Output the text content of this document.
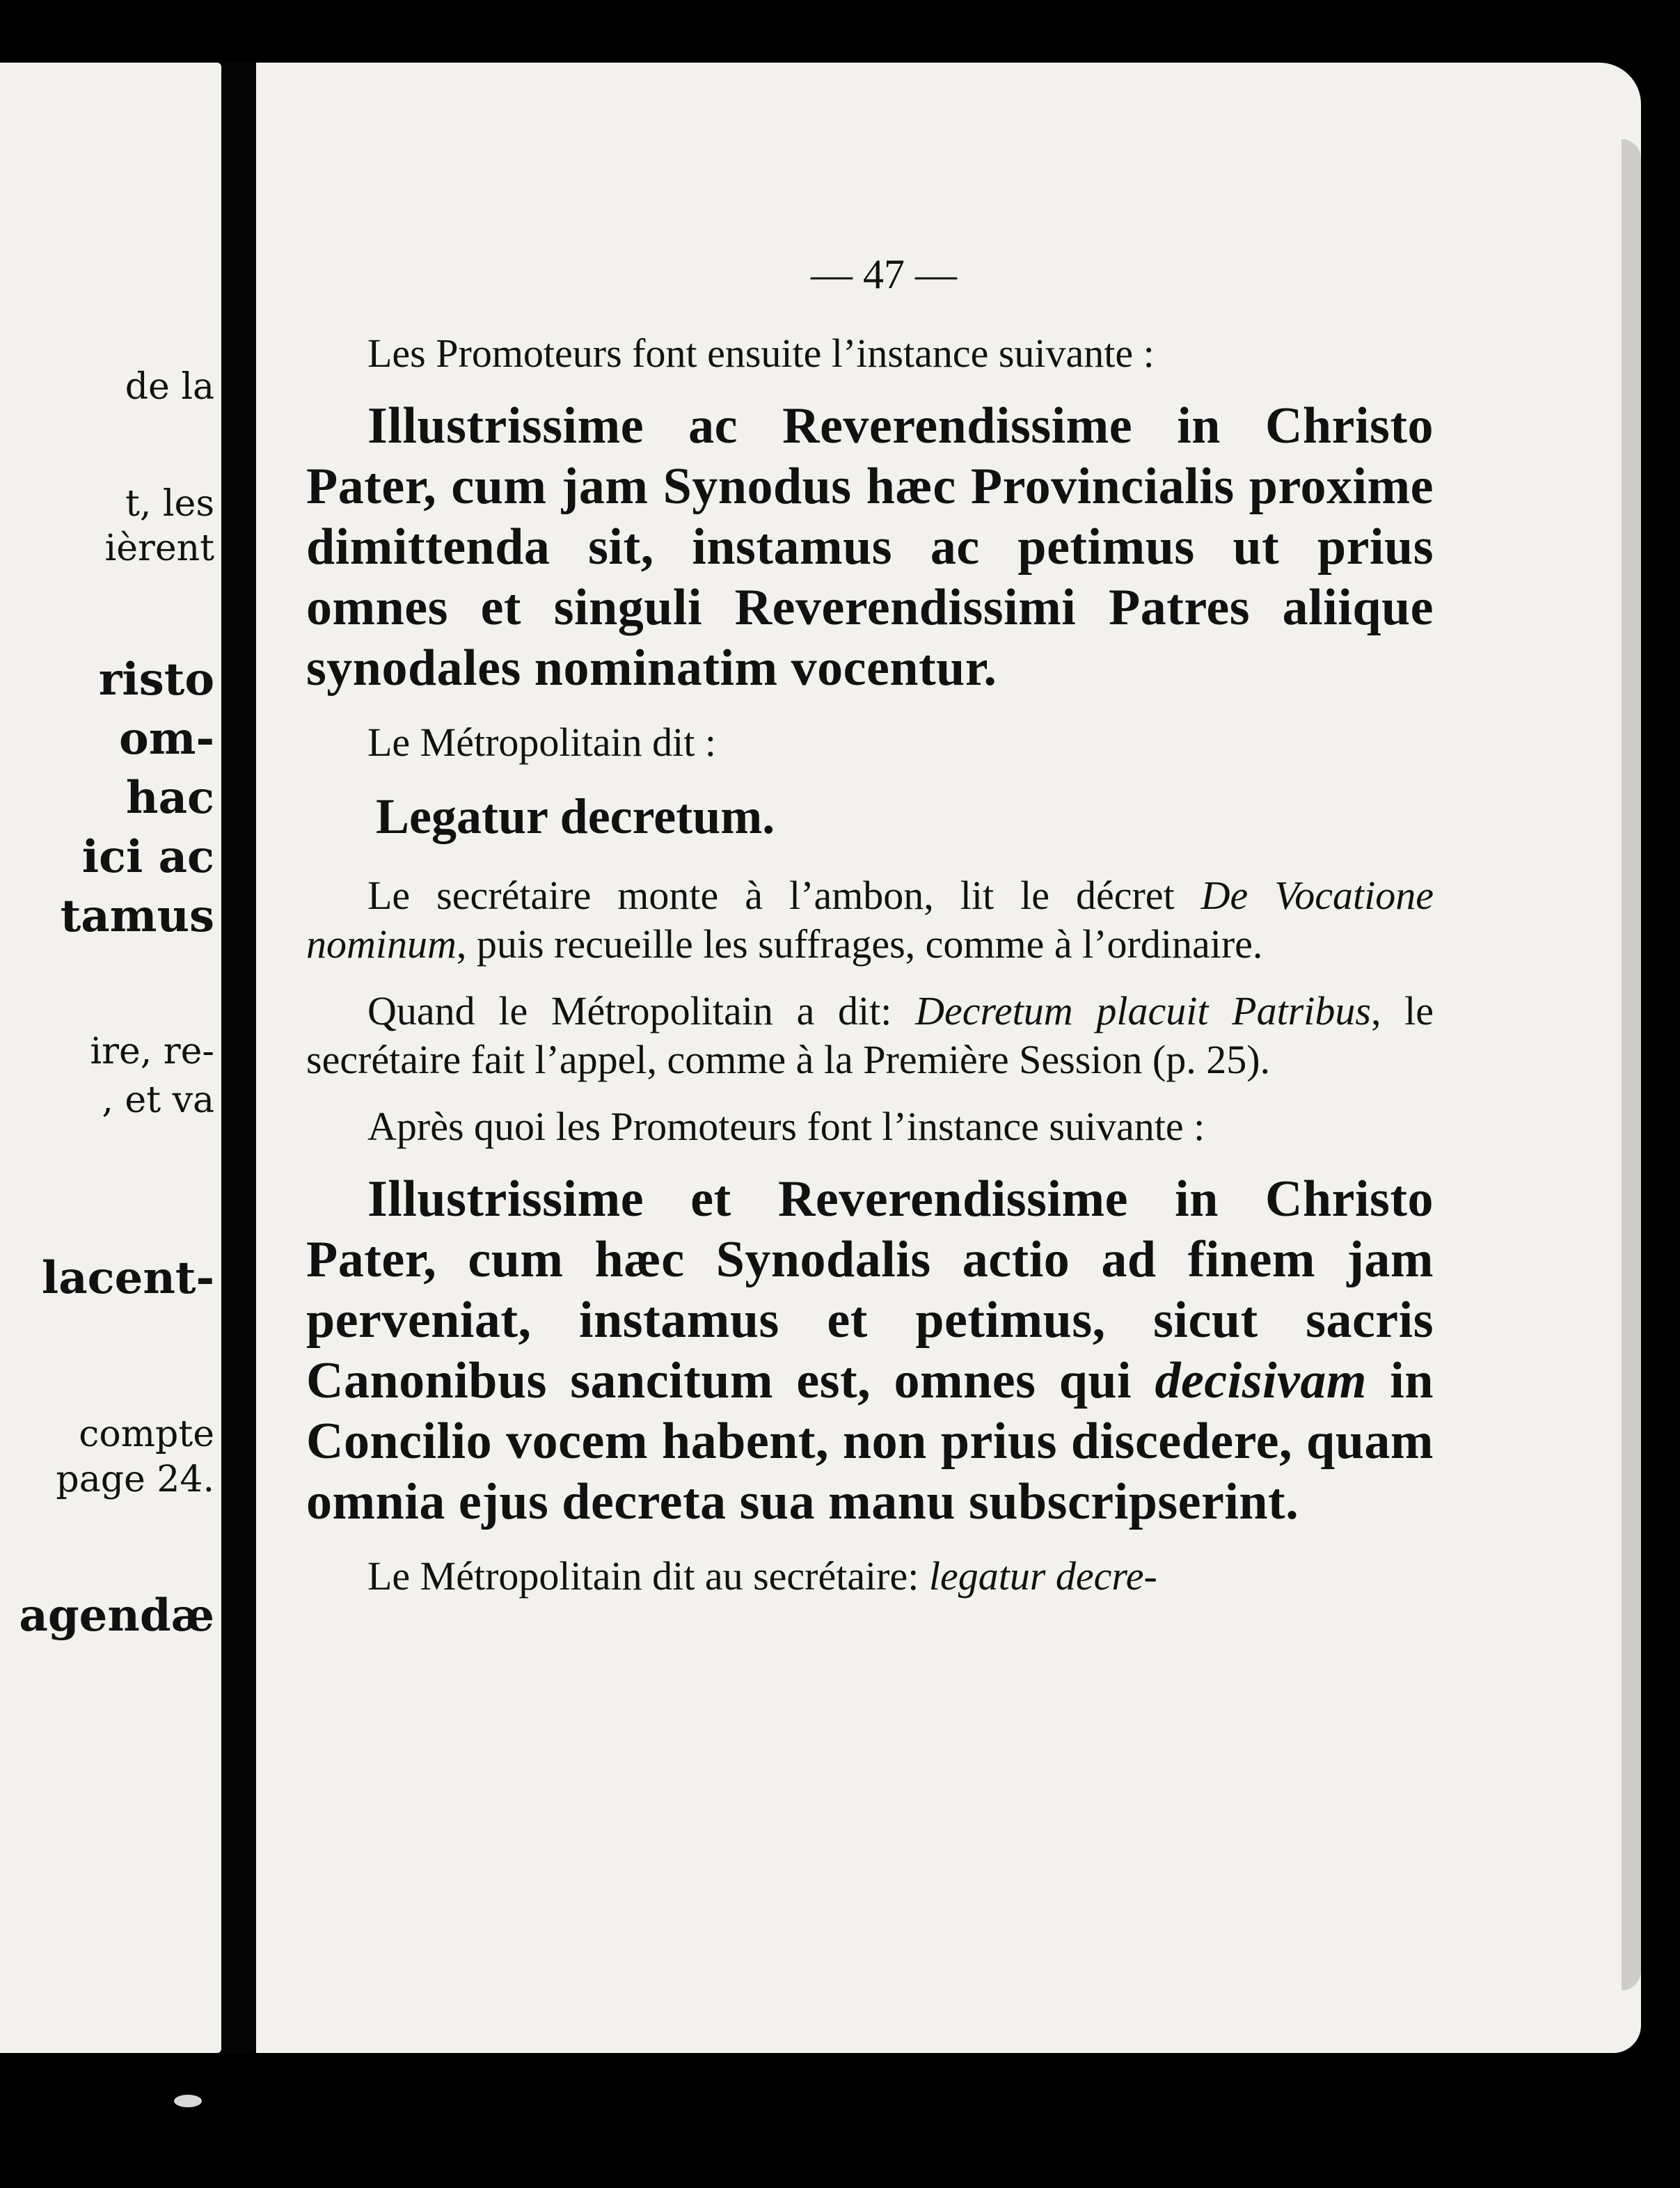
de la
t, les
ièrent
risto
om-
hac
ici ac
tamus
ire, re-
, et va
lacent-
compte
page 24.
agendæ
— 47 —

Les Promoteurs font ensuite l’instance suivante :

Illustrissime ac Reverendissime in Christo Pater, cum jam Synodus hæc Provincialis proxime dimittenda sit, instamus ac petimus ut prius omnes et singuli Reverendissimi Patres aliique synodales nominatim vocentur.

Le Métropolitain dit :

Legatur decretum.

Le secrétaire monte à l’ambon, lit le décret De Vocatione nominum, puis recueille les suffrages, comme à l’ordinaire.

Quand le Métropolitain a dit: Decretum placuit Patribus, le secrétaire fait l’appel, comme à la Première Session (p. 25).

Après quoi les Promoteurs font l’instance suivante :

Illustrissime et Reverendissime in Christo Pater, cum hæc Synodalis actio ad finem jam perveniat, instamus et petimus, sicut sacris Canonibus sancitum est, omnes qui decisivam in Concilio vocem habent, non prius discedere, quam omnia ejus decreta sua manu subscripserint.

Le Métropolitain dit au secrétaire: legatur decre-
